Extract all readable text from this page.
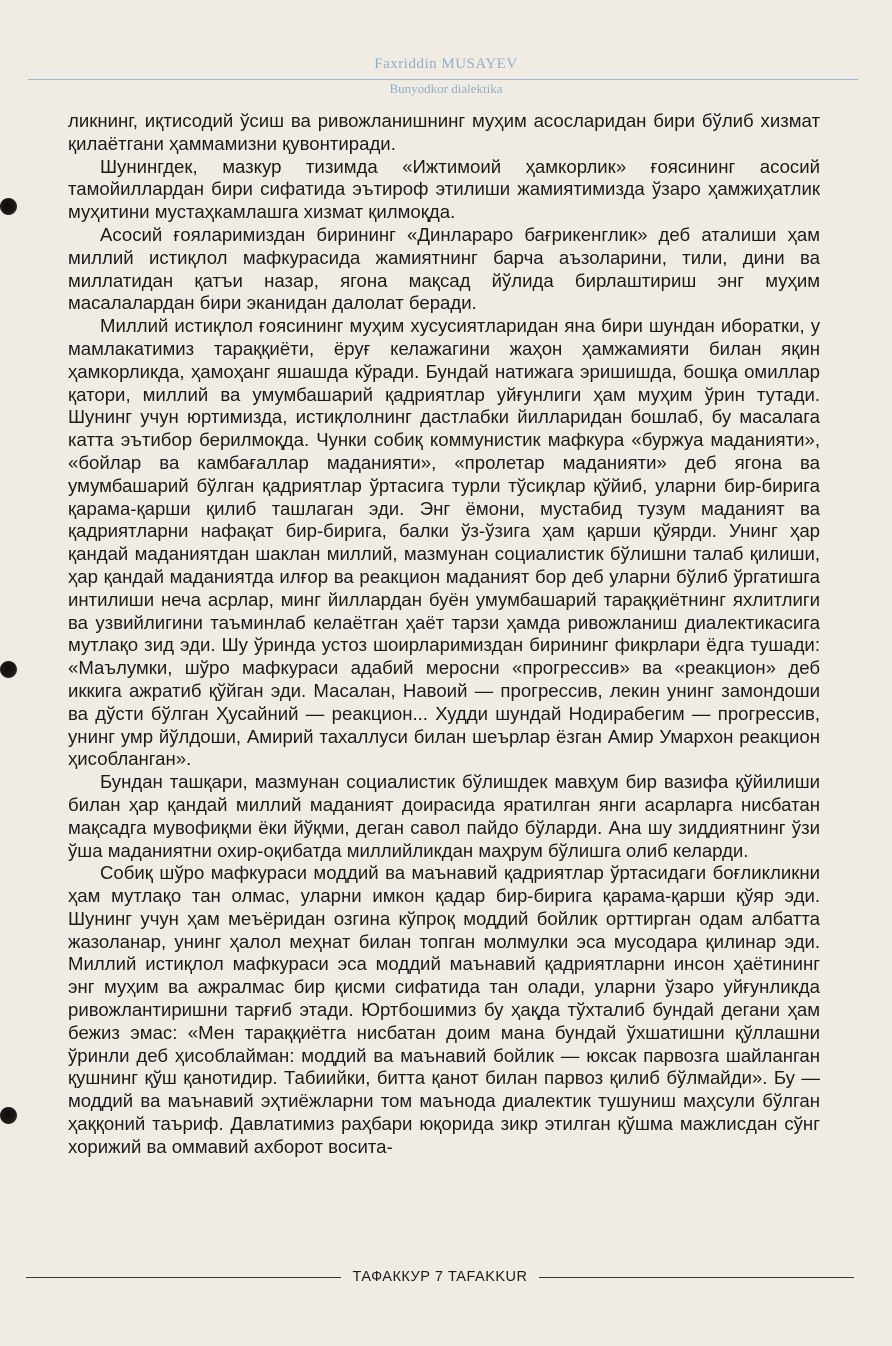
Faxriddin MUSAYEV
Bunyodkor dialektika

ликнинг, иқтисодий ўсиш ва ривожланишнинг муҳим асосларидан бири бўлиб хизмат қилаётгани ҳаммамизни қувонтиради.

Шунингдек, мазкур тизимда «Ижтимоий ҳамкорлик» ғоясининг асосий тамойиллардан бири сифатида эътироф этилиши жамиятимизда ўзаро ҳамжиҳатлик муҳитини мустаҳкамлашга хизмат қилмоқда.

Асосий ғояларимиздан бирининг «Динлараро бағрикенглик» деб аталиши ҳам миллий истиқлол мафкурасида жамиятнинг барча аъзоларини, тили, дини ва миллатидан қатъи назар, ягона мақсад йўлида бирлаштириш энг муҳим масалалардан бири эканидан далолат беради.

Миллий истиқлол ғоясининг муҳим хусусиятларидан яна бири шундан иборатки, у мамлакатимиз тараққиёти, ёруғ келажагини жаҳон ҳамжамияти билан яқин ҳамкорликда, ҳамоҳанг яшашда кўради. Бундай натижага эришишда, бошқа омиллар қатори, миллий ва умумбашарий қадриятлар уйғунлиги ҳам муҳим ўрин тутади. Шунинг учун юртимизда, истиқлолнинг дастлабки йилларидан бошлаб, бу масалага катта эътибор берилмоқда. Чунки собиқ коммунистик мафкура «буржуа маданияти», «бойлар ва камбағаллар маданияти», «пролетар маданияти» деб ягона ва умумбашарий бўлган қадриятлар ўртасига турли тўсиқлар қўйиб, уларни бир-бирига қарама-қарши қилиб ташлаган эди. Энг ёмони, мустабид тузум маданият ва қадриятларни нафақат бир-бирига, балки ўз-ўзига ҳам қарши қўярди. Унинг ҳар қандай маданиятдан шаклан миллий, мазмунан социалистик бўлишни талаб қилиши, ҳар қандай маданиятда илғор ва реакцион маданият бор деб уларни бўлиб ўргатишга интилиши неча асрлар, минг йиллардан буён умумбашарий тараққиётнинг яхлитлиги ва узвийлигини таъминлаб келаётган ҳаёт тарзи ҳамда ривожланиш диалектикасига мутлақо зид эди. Шу ўринда устоз шоирларимиздан бирининг фикрлари ёдга тушади: «Маълумки, шўро мафкураси адабий меросни «прогрессив» ва «реакцион» деб иккига ажратиб қўйган эди. Масалан, Навоий — прогрессив, лекин унинг замондоши ва дўсти бўлган Ҳусайний — реакцион... Худди шундай Нодирабегим — прогрессив, унинг умр йўлдоши, Амирий тахаллуси билан шеърлар ёзган Амир Умархон реакцион ҳисобланган».

Бундан ташқари, мазмунан социалистик бўлишдек мавҳум бир вазифа қўйилиши билан ҳар қандай миллий маданият доирасида яратилган янги асарларга нисбатан мақсадга мувофиқми ёки йўқми, деган савол пайдо бўларди. Ана шу зиддиятнинг ўзи ўша маданиятни охир-оқибатда миллийликдан маҳрум бўлишга олиб келарди.

Собиқ шўро мафкураси моддий ва маънавий қадриятлар ўртасидаги боғликликни ҳам мутлақо тан олмас, уларни имкон қадар бир-бирига қарама-қарши қўяр эди. Шунинг учун ҳам меъёридан озгина кўпроқ моддий бойлик орттирган одам албатта жазоланар, унинг ҳалол меҳнат билан топган молмулки эса мусодара қилинар эди. Миллий истиқлол мафкураси эса моддий маънавий қадриятларни инсон ҳаётининг энг муҳим ва ажралмас бир қисми сифатида тан олади, уларни ўзаро уйғунликда ривожлантиришни тарғиб этади. Юртбошимиз бу ҳақда тўхталиб бундай дегани ҳам бежиз эмас: «Мен тараққиётга нисбатан доим мана бундай ўхшатишни қўллашни ўринли деб ҳисоблайман: моддий ва маънавий бойлик — юксак парвозга шайланган қушнинг қўш қанотидир. Табиийки, битта қанот билан парвоз қилиб бўлмайди». Бу — моддий ва маънавий эҳтиёжларни том маънода диалектик тушуниш маҳсули бўлган ҳаққоний таъриф. Давлатимиз раҳбари юқорида зикр этилган қўшма мажлисдан сўнг хорижий ва оммавий ахборот восита-

ТАФАККУР 7 TAFAKKUR
